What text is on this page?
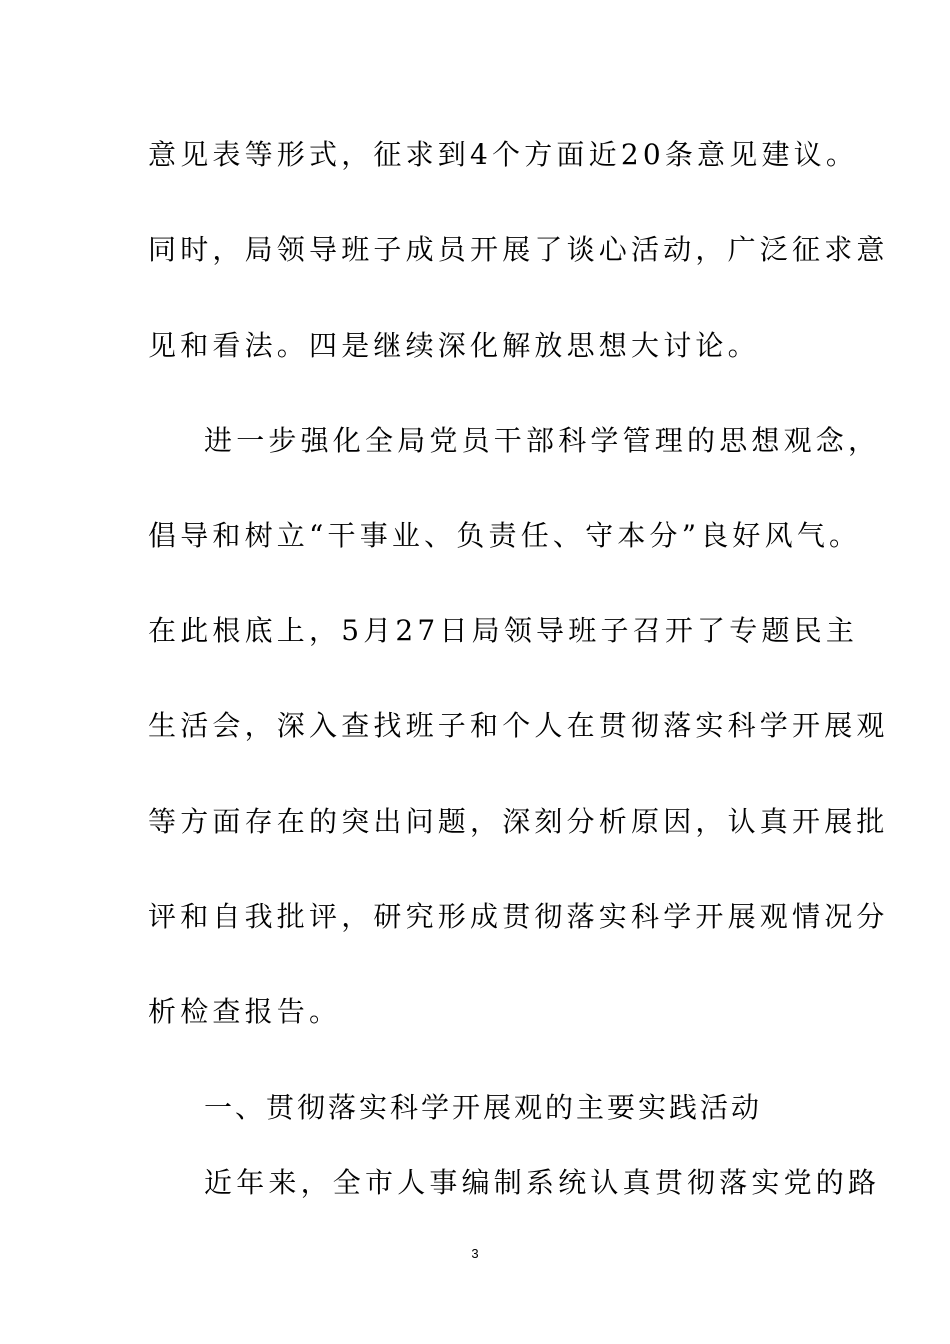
意见表等形式，征求到4个方面近20条意见建议。
同时，局领导班子成员开展了谈心活动，广泛征求意
见和看法。四是继续深化解放思想大讨论。
进一步强化全局党员干部科学管理的思想观念，
倡导和树立“干事业、负责任、守本分”良好风气。
在此根底上，5月27日局领导班子召开了专题民主
生活会，深入查找班子和个人在贯彻落实科学开展观
等方面存在的突出问题，深刻分析原因，认真开展批
评和自我批评，研究形成贯彻落实科学开展观情况分
析检查报告。
一、贯彻落实科学开展观的主要实践活动
近年来，全市人事编制系统认真贯彻落实党的路
3
